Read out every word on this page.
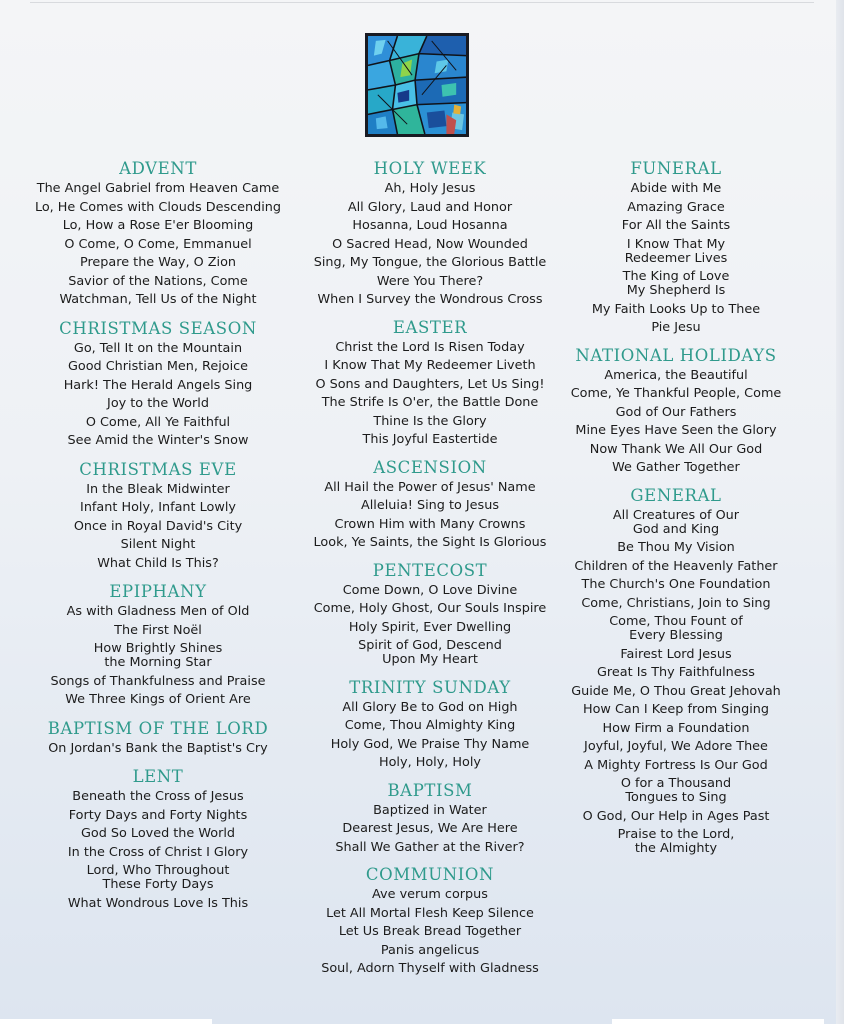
ADVENT
The Angel Gabriel from Heaven Came
Lo, He Comes with Clouds Descending
Lo, How a Rose E'er Blooming
O Come, O Come, Emmanuel
Prepare the Way, O Zion
Savior of the Nations, Come
Watchman, Tell Us of the Night
CHRISTMAS SEASON
Go, Tell It on the Mountain
Good Christian Men, Rejoice
Hark! The Herald Angels Sing
Joy to the World
O Come, All Ye Faithful
See Amid the Winter's Snow
CHRISTMAS EVE
In the Bleak Midwinter
Infant Holy, Infant Lowly
Once in Royal David's City
Silent Night
What Child Is This?
EPIPHANY
As with Gladness Men of Old
The First Noël
How Brightly Shines
the Morning Star
Songs of Thankfulness and Praise
We Three Kings of Orient Are
BAPTISM OF THE LORD
On Jordan's Bank the Baptist's Cry
LENT
Beneath the Cross of Jesus
Forty Days and Forty Nights
God So Loved the World
In the Cross of Christ I Glory
Lord, Who Throughout
These Forty Days
What Wondrous Love Is This
HOLY WEEK
Ah, Holy Jesus
All Glory, Laud and Honor
Hosanna, Loud Hosanna
O Sacred Head, Now Wounded
Sing, My Tongue, the Glorious Battle
Were You There?
When I Survey the Wondrous Cross
EASTER
Christ the Lord Is Risen Today
I Know That My Redeemer Liveth
O Sons and Daughters, Let Us Sing!
The Strife Is O'er, the Battle Done
Thine Is the Glory
This Joyful Eastertide
ASCENSION
All Hail the Power of Jesus' Name
Alleluia! Sing to Jesus
Crown Him with Many Crowns
Look, Ye Saints, the Sight Is Glorious
PENTECOST
Come Down, O Love Divine
Come, Holy Ghost, Our Souls Inspire
Holy Spirit, Ever Dwelling
Spirit of God, Descend
Upon My Heart
TRINITY SUNDAY
All Glory Be to God on High
Come, Thou Almighty King
Holy God, We Praise Thy Name
Holy, Holy, Holy
BAPTISM
Baptized in Water
Dearest Jesus, We Are Here
Shall We Gather at the River?
COMMUNION
Ave verum corpus
Let All Mortal Flesh Keep Silence
Let Us Break Bread Together
Panis angelicus
Soul, Adorn Thyself with Gladness
FUNERAL
Abide with Me
Amazing Grace
For All the Saints
I Know That My
Redeemer Lives
The King of Love
My Shepherd Is
My Faith Looks Up to Thee
Pie Jesu
NATIONAL HOLIDAYS
America, the Beautiful
Come, Ye Thankful People, Come
God of Our Fathers
Mine Eyes Have Seen the Glory
Now Thank We All Our God
We Gather Together
GENERAL
All Creatures of Our
God and King
Be Thou My Vision
Children of the Heavenly Father
The Church's One Foundation
Come, Christians, Join to Sing
Come, Thou Fount of
Every Blessing
Fairest Lord Jesus
Great Is Thy Faithfulness
Guide Me, O Thou Great Jehovah
How Can I Keep from Singing
How Firm a Foundation
Joyful, Joyful, We Adore Thee
A Mighty Fortress Is Our God
O for a Thousand
Tongues to Sing
O God, Our Help in Ages Past
Praise to the Lord,
the Almighty
